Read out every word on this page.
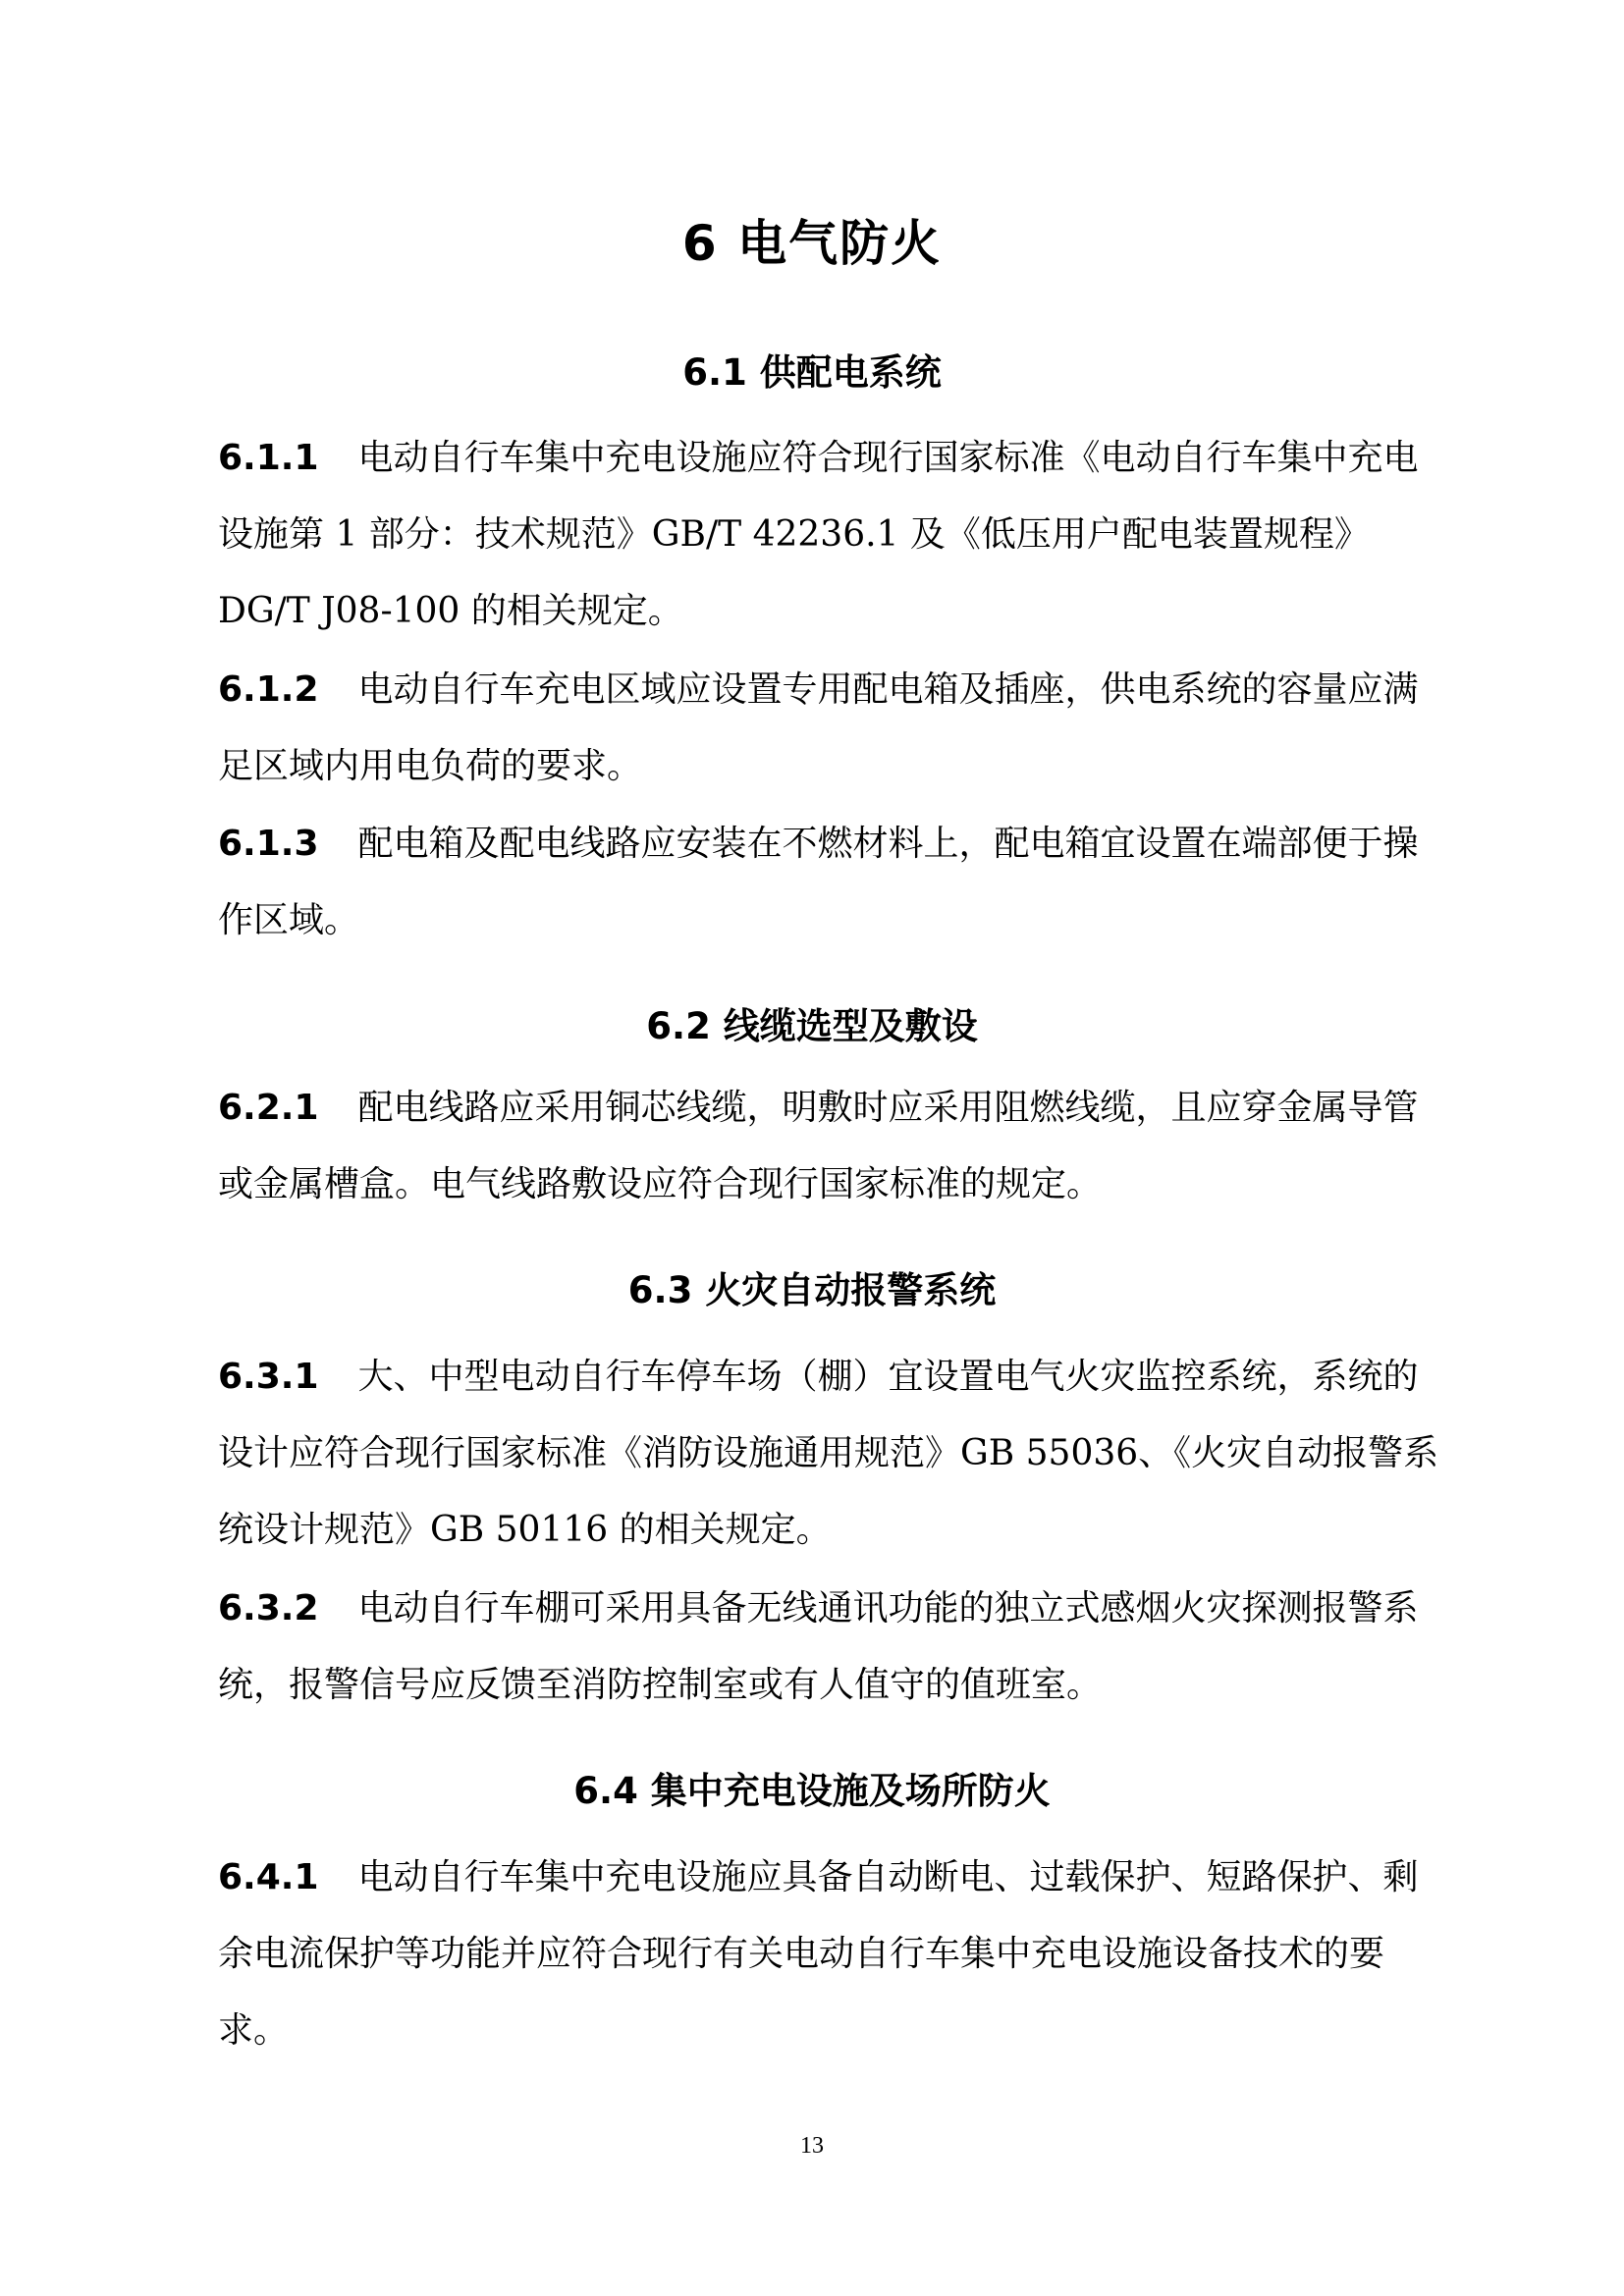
6 电气防火
6.1 供配电系统

6.1.1 电动自行车集中充电设施应符合现行国家标准《电动自行车集中充电设施第 1 部分：技术规范》GB/T 42236.1 及《低压用户配电装置规程》DG/T J08-100 的相关规定。

6.1.2 电动自行车充电区域应设置专用配电箱及插座，供电系统的容量应满足区域内用电负荷的要求。

6.1.3 配电箱及配电线路应安装在不燃材料上，配电箱宜设置在端部便于操作区域。

6.2 线缆选型及敷设

6.2.1 配电线路应采用铜芯线缆，明敷时应采用阻燃线缆，且应穿金属导管或金属槽盒。电气线路敷设应符合现行国家标准的规定。

6.3 火灾自动报警系统

6.3.1 大、中型电动自行车停车场（棚）宜设置电气火灾监控系统，系统的设计应符合现行国家标准《消防设施通用规范》GB 55036、《火灾自动报警系统设计规范》GB 50116 的相关规定。

6.3.2 电动自行车棚可采用具备无线通讯功能的独立式感烟火灾探测报警系统，报警信号应反馈至消防控制室或有人值守的值班室。

6.4 集中充电设施及场所防火

6.4.1 电动自行车集中充电设施应具备自动断电、过载保护、短路保护、剩余电流保护等功能并应符合现行有关电动自行车集中充电设施设备技术的要求。

13
